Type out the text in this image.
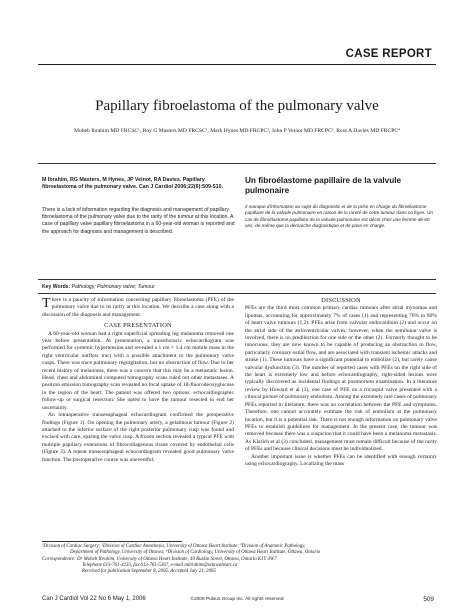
CASE REPORT
Papillary fibroelastoma of the pulmonary valve
Moheb Ibrahim MD FRCSC¹, Roy G Masters MD FRCSC¹, Mark Hynes MD FRCPC², John P Veinot MD FRCPC³, Ross A Davies MD FRCPC⁴
M Ibrahim, RG Masters, M Hynes, JP Veinot, RA Davies. Papillary fibroelastoma of the pulmonary valve. Can J Cardiol 2006;22(6):509-510.
There is a lack of information regarding the diagnosis and management of papillary fibroelastoma of the pulmonary valve due to the rarity of the tumour at this location. A case of papillary valve papillary fibroelastoma in a 60-year-old woman is reported and the approach for diagnosis and management is described.
Un fibroélastome papillaire de la valvule pulmonaire
Il manque d'information au sujet du diagnostic et de la prise en charge du fibroélastome papillaire de la valvule pulmonaire en raison de la rareté de cette tumeur dans ce foyer. Un cas de fibroélastome papillaire de la valvule pulmonaire est décrit chez une femme de 60 ans, de même que la démarche diagnostique et de prise en charge.
Key Words: Pathology; Pulmonary valve; Tumour

There is a paucity of information concerning papillary fibroelastoma (PFE) of the pulmonary valve due to its rarity at this location. We describe a case along with a discussion of the diagnosis and management.

CASE PRESENTATION

A 60-year-old woman had a right superficial spreading leg melanoma removed one year before presentation. At presentation, a transthoracic echocardiogram was performed for systemic hypertension and revealed a 1 cm × 1.4 cm mobile mass in the right ventricular outflow tract with a possible attachment to the pulmonary valve cusps. There was trace pulmonary regurgitation, but no obstruction of flow. Due to her recent history of melanoma, there was a concern that this may be a metastatic lesion. Head, chest and abdominal computed tomography scans ruled out other metastases. A positron emission tomography scan revealed no focal uptake of 18-fluorodeoxyglucose in the region of the heart. The patient was offered two options: echocardiographic follow-up or surgical resection. She opted to have the tumour resected to end her uncertainty.

An intraoperative transesophageal echocardiogram confirmed the preoperative findings (Figure 1). On opening the pulmonary artery, a gelatinous tumour (Figure 2) attached to the inferior surface of the right posterior pulmonary cusp was found and excised with care, sparing the valve cusp. A frozen section revealed a typical PFE with multiple papillary extensions of fibrocollagenous tissue covered by endothelial cells (Figure 3). A repeat transesophageal echocardiogram revealed good pulmonary valve function. The postoperative course was uneventful.

DISCUSSION

PFEs are the third most common primary cardiac tumours after atrial myxomas and lipomas, accounting for approximately 7% of cases (1) and representing 70% to 80% of heart valve tumours (1,2). PFEs arise from valvular endocardium (2) and occur on the atrial side of the atrioventricular valves; however, when the semilunar valve is involved, there is no predilection for one side or the other (2). Formerly thought to be innocuous, they are now known to be capable of producing an obstruction to flow, particularly coronary ostial flow, and are associated with transient ischemic attacks and stroke (1). These tumours have a significant potential to embolize (2), but rarely cause valvular dysfunction (3). The number of reported cases with PFEs on the right side of the heart is extremely low and before echocardiography, right-sided lesions were typically discovered as incidental findings at postmortem examination. In a literature review by Howard et al (1), one case of PFE on a tricuspid valve presented with a clinical picture of pulmonary embolism. Among the extremely rare cases of pulmonary PFEs reported in literature, there was no correlation between the PFE and symptoms. Therefore, one cannot accurately estimate the risk of embolism at the pulmonary location, but it is a potential risk. There is not enough information on pulmonary valve PFEs to establish guidelines for management. In the present case, the tumour was removed because there was a suspicion that it could have been a melanoma metastasis. As Klarich et al (3) concluded, management must remain difficult because of the rarity of PFEs and because clinical decisions must be individualized.

Another important issue is whether PFEs can be identified with enough certainty using echocardiography. Localizing the mass

¹Division of Cardiac Surgery; ²Division of Cardiac Anesthesia, University of Ottawa Heart Institute; ³Division of Anatomic Pathology,
Department of Pathology, University of Ottawa; ⁴Division of Cardiology, University of Ottawa Heart Institute, Ottawa, Ontario
Correspondence: Dr Moheb Ibrahim, University of Ottawa Heart Institute, 40 Ruskin Street, Ottawa, Ontario K1Y 4W7.
Telephone 613-761-4233, fax 613-761-5367, e-mail mibrahim@ottawaheart.ca
Received for publication September 8, 2005. Accepted July 21, 2005
Can J Cardiol Vol 22 No 6 May 1, 2006	©2006 Pulsus Group Inc. All rights reserved	509
